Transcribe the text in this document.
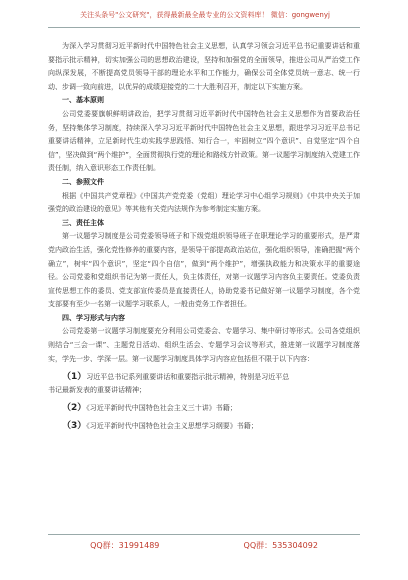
关注头条号"公文研究"，获得最新最全最专业的公文资料库！ 微信：gongwenyj

为深入学习贯彻习近平新时代中国特色社会主义思想，认真学习领会习近平总书记重要讲话和重要指示批示精神，切实加强公司的思想政治建设，坚持和加强党的全面领导，推进公司从严治党工作向纵深发展，不断提高党员领导干部的理论水平和工作能力，确保公司全体党员统一意志、统一行动、步调一致向前进，以优异的成绩迎接党的二十大胜利召开，制定以下实施方案。

一、基本原则

公司党委要旗帜鲜明讲政治，把学习贯彻习近平新时代中国特色社会主义思想作为首要政治任务，坚持集体学习制度，持续深入学习习近平新时代中国特色社会主义思想，跟进学习习近平总书记重要讲话精神，立足新时代生动实践学思践悟、知行合一，牢固树立“四个意识”、自觉坚定“四个自信”，坚决做到“两个维护”，全面贯彻执行党的理论和路线方针政策。第一议题学习制度纳入党建工作责任制，纳入意识形态工作责任制。

二、参照文件

根据《中国共产党章程》《中国共产党党委（党组）理论学习中心组学习规则》《中共中央关于加强党的政治建设的意见》等其他有关党内法规作为参考制定实施方案。

三、责任主体

第一议题学习制度是公司党委领导班子和下级党组织领导班子在职理论学习的重要形式，是严肃党内政治生活，强化党性修养的重要内容，是领导干部提高政治站位，强化组织领导，准确把握“两个确立”，树牢“四个意识”，坚定“四个自信”，做到“两个维护”，增强执政能力和决策水平的重要途径。公司党委和党组织书记为第一责任人，负主体责任，对第一议题学习内容负主要责任。党委负责宣传思想工作的委员、党支部宣传委员是直接责任人，协助党委书记做好第一议题学习制度，各个党支部要有至少一名第一议题学习联系人，一般由党务工作者担任。

四、学习形式与内容

公司党委第一议题学习制度要充分利用公司党委会、专题学习、集中研讨等形式。公司各党组织则结合“三会一课”、主题党日活动、组织生活会、专题学习会议等形式，推进第一议题学习制度落实，学先一步、学深一层。第一议题学习制度具体学习内容应包括但不限于以下内容：

（1）习近平总书记系列重要讲话和重要指示批示精神，特别是习近平总

书记最新发表的重要讲话精神；

（2）《习近平新时代中国特色社会主义三十讲》书籍；

（3）《习近平新时代中国特色社会主义思想学习纲要》书籍；

QQ群：31991489	QQ群：535304092
